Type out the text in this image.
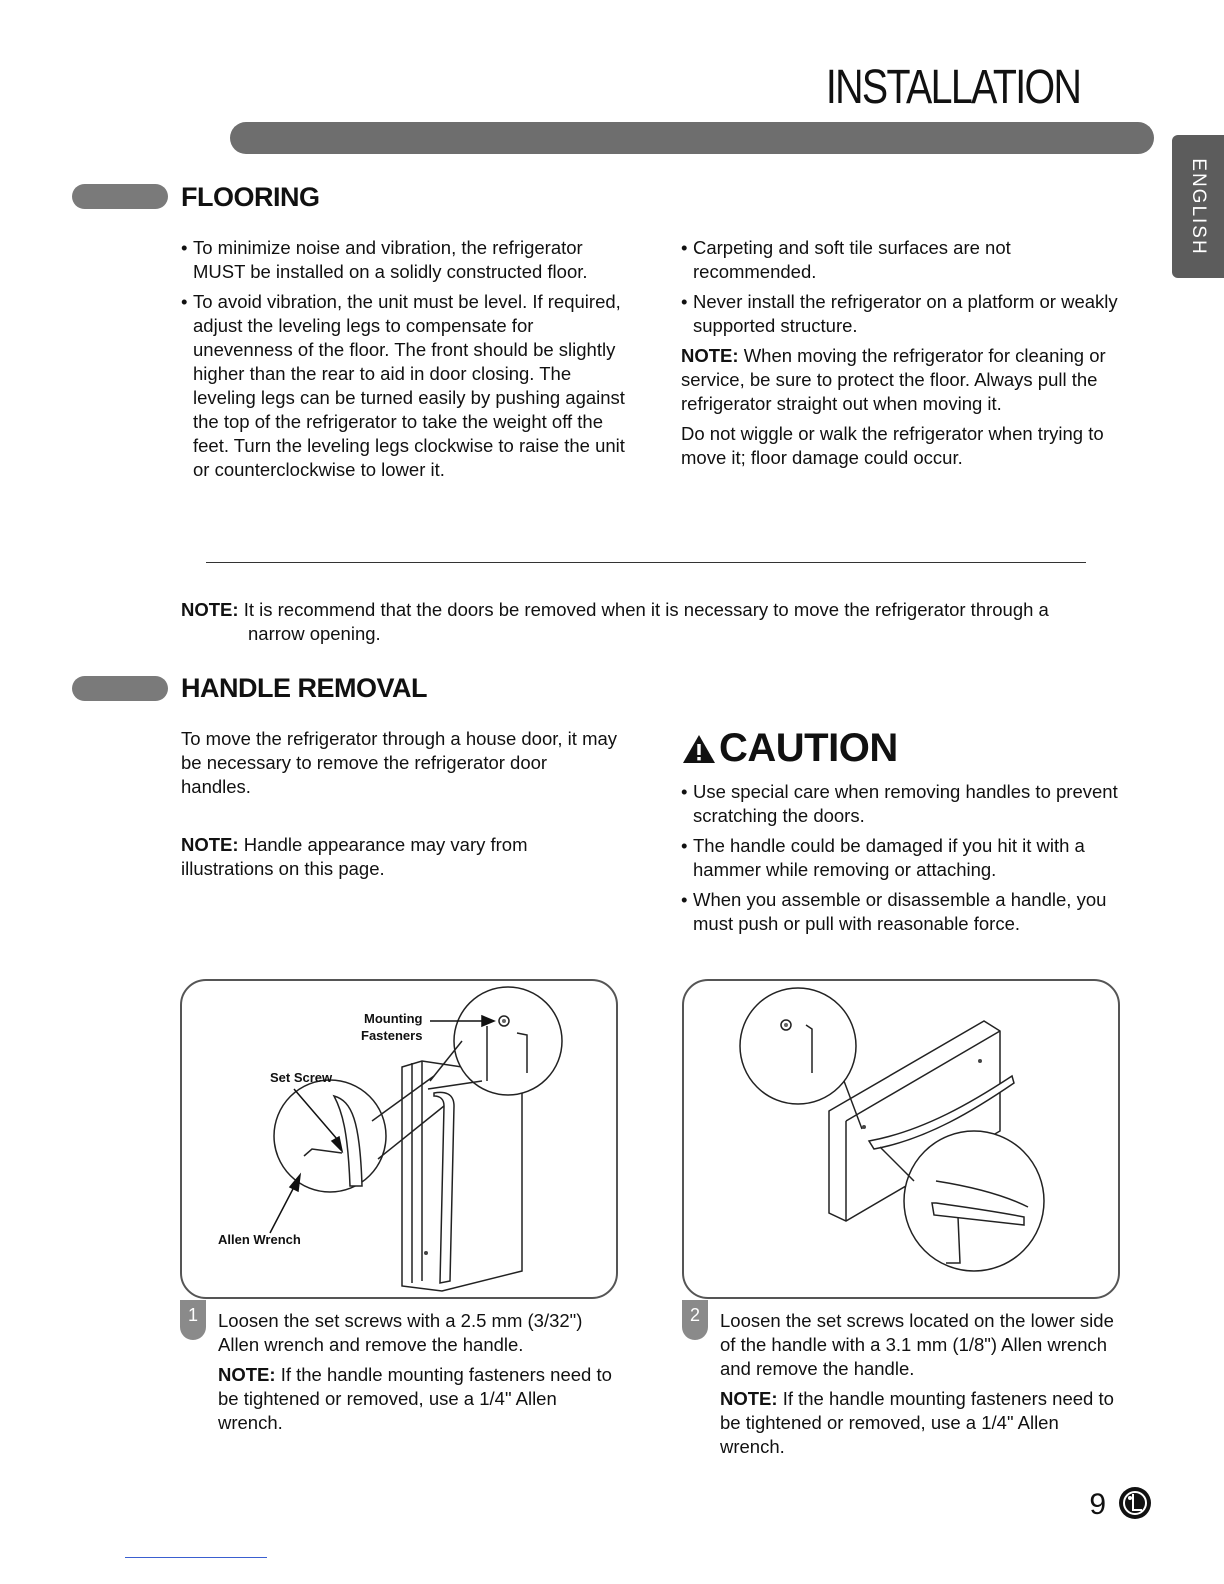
INSTALLATION
ENGLISH
FLOORING
• To minimize noise and vibration, the refrigerator MUST be installed on a solidly constructed floor.
• To avoid vibration, the unit must be level. If required, adjust the leveling legs to compensate for unevenness of the floor. The front should be slightly higher than the rear to aid in door closing. The leveling legs can be turned easily by pushing against the top of the refrigerator to take the weight off the feet. Turn the leveling legs clockwise to raise the unit or counterclockwise to lower it.
• Carpeting and soft tile surfaces are not recommended.
• Never install the refrigerator on a platform or weakly supported structure.
NOTE: When moving the refrigerator for cleaning or service, be sure to protect the floor. Always pull the refrigerator straight out when moving it.
Do not wiggle or walk the refrigerator when trying to move it; floor damage could occur.
NOTE: It is recommend that the doors be removed when it is necessary to move the refrigerator through a
narrow opening.
HANDLE REMOVAL
To move the refrigerator through a house door, it may be necessary to remove the refrigerator door handles.
NOTE: Handle appearance may vary from illustrations on this page.
CAUTION
• Use special care when removing handles to prevent scratching the doors.
• The handle could be damaged if you hit it with a hammer while removing or attaching.
• When you assemble or disassemble a handle, you must push or pull with reasonable force.
Mounting
Fasteners
Set Screw
Allen Wrench
1	Loosen the set screws with a 2.5 mm (3/32") Allen wrench and remove the handle.
NOTE: If the handle mounting fasteners need to be tightened or removed, use a 1/4" Allen wrench.
2	Loosen the set screws located on the lower side of the handle with a 3.1 mm (1/8") Allen wrench and remove the handle.
NOTE: If the handle mounting fasteners need to be tightened or removed, use a 1/4" Allen wrench.
9
